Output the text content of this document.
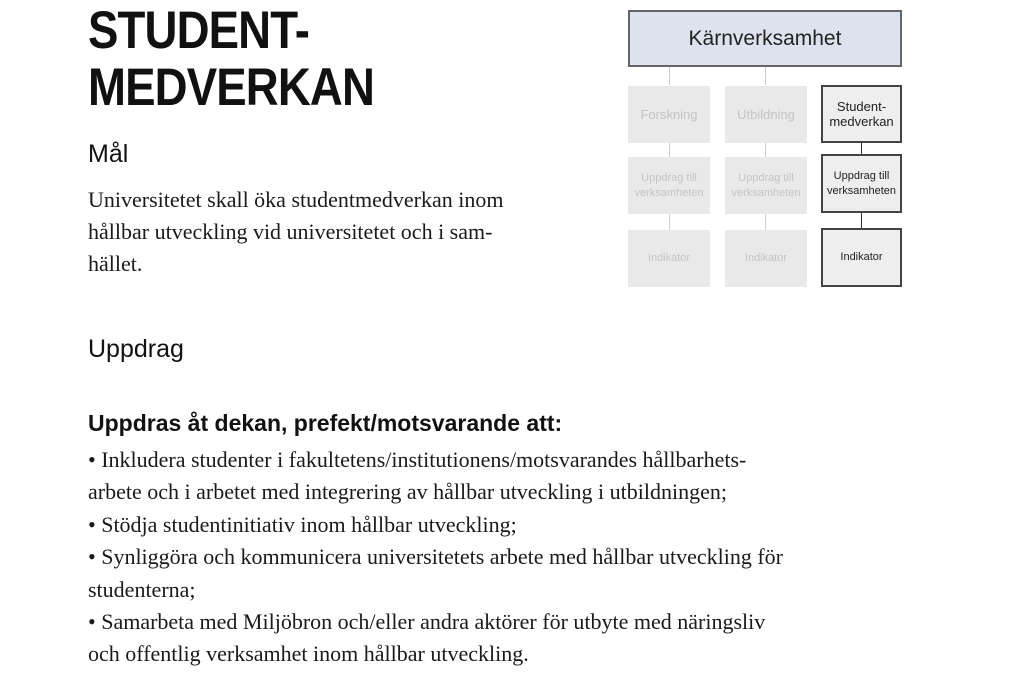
STUDENT-
MEDVERKAN
Mål

Universitetet skall öka studentmedverkan inom
hållbar utveckling vid universitetet och i sam-
hället.

Uppdrag

Uppdras åt dekan, prefekt/motsvarande att:

• Inkludera studenter i fakultetens/institutionens/motsvarandes hållbarhets-
arbete och i arbetet med integrering av hållbar utveckling i utbildningen;
• Stödja studentinitiativ inom hållbar utveckling;
• Synliggöra och kommunicera universitetets arbete med hållbar utveckling för
studenterna;
• Samarbeta med Miljöbron och/eller andra aktörer för utbyte med näringsliv
och offentlig verksamhet inom hållbar utveckling.
Kärnverksamhet
Forskning
Uppdrag till
verksamheten
Indikator
Utbildning
Uppdrag till
verksamheten
Indikator
Student-
medverkan
Uppdrag till
verksamheten
Indikator
